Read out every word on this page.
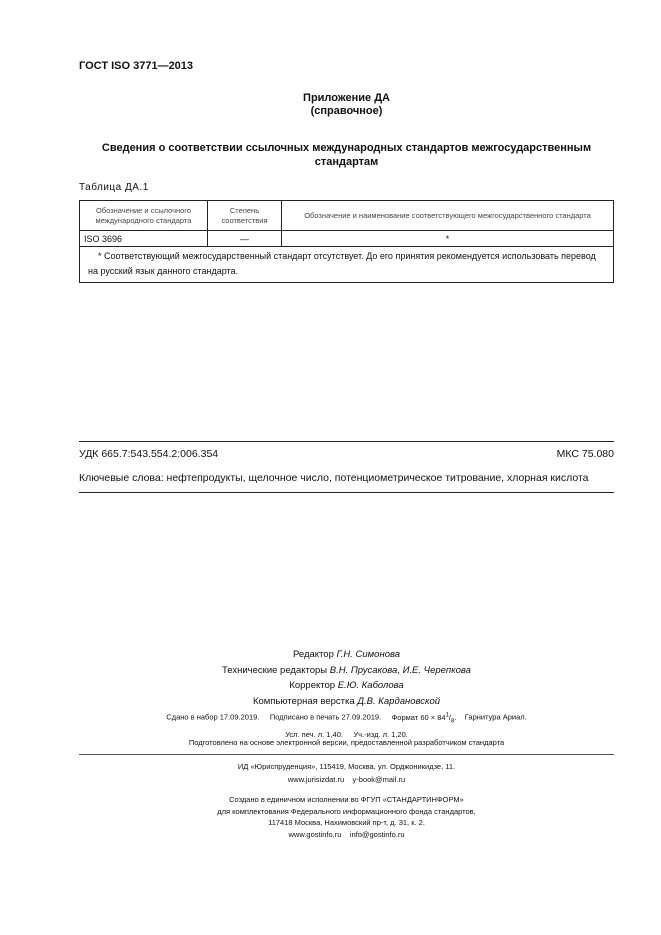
ГОСТ ISO 3771—2013
Приложение ДА
(справочное)
Сведения о соответствии ссылочных международных стандартов межгосударственным стандартам
Таблица ДА.1
Обозначение и ссылочного международного стандарта	Степень соответствия	Обозначение и наименование соответствующего межгосударственного стандарта
ISO 3696	—	*
* Соответствующий межгосударственный стандарт отсутствует. До его принятия рекомендуется использовать перевод на русский язык данного стандарта.		
УДК 665.7:543.554.2:006.354	МКС 75.080
Ключевые слова: нефтепродукты, щелочное число, потенциометрическое титрование, хлорная кислота
Редактор Г.Н. Симонова
Технические редакторы В.Н. Прусакова, И.Е. Черепкова
Корректор Е.Ю. Каболова
Компьютерная верстка Д.В. Кардановской
Сдано в набор 17.09.2019. Подписано в печать 27.09.2019. Формат $60 \times 84^1/_8$. Гарнитура Ариал.
Усл. печ. л. 1,40. Уч.-изд. л. 1,20.
Подготовлено на основе электронной версии, предоставленной разработчиком стандарта
ИД «Юриспруденция», 115419, Москва, ул. Орджоникидзе, 11.
www.jurisizdat.ru y-book@mail.ru
Создано в единичном исполнении во ФГУП «СТАНДАРТИНФОРМ»
для комплектования Федерального информационного фонда стандартов,
117418 Москва, Нахимовский пр-т, д. 31, к. 2.
www.gostinfo.ru info@gostinfo.ru
